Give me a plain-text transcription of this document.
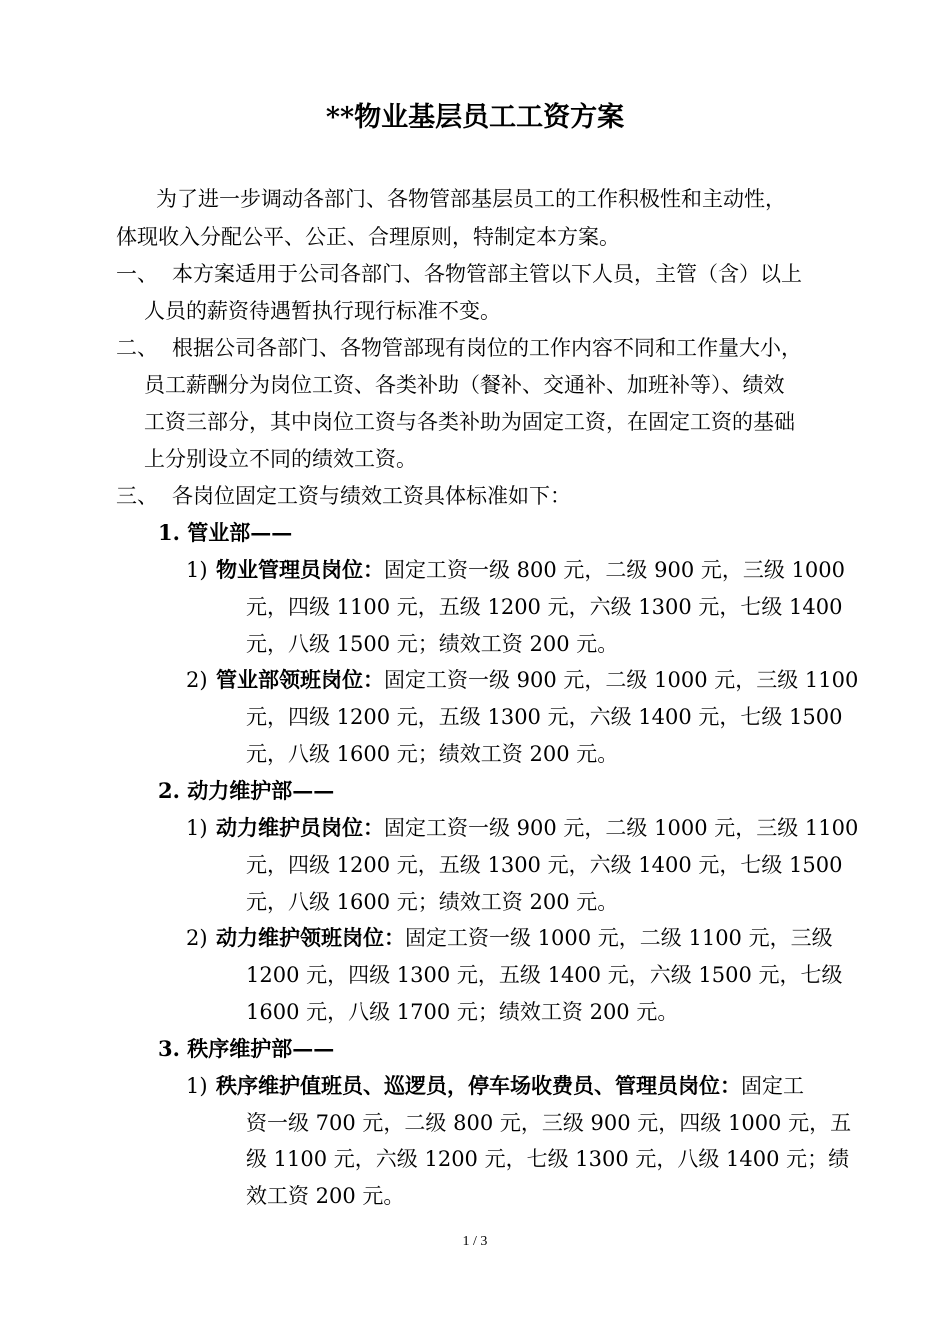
**物业基层员工工资方案
为了进一步调动各部门、各物管部基层员工的工作积极性和主动性，
体现收入分配公平、公正、合理原则，特制定本方案。
一、 本方案适用于公司各部门、各物管部主管以下人员，主管（含）以上
人员的薪资待遇暂执行现行标准不变。
二、 根据公司各部门、各物管部现有岗位的工作内容不同和工作量大小，
员工薪酬分为岗位工资、各类补助（餐补、交通补、加班补等）、绩效
工资三部分，其中岗位工资与各类补助为固定工资，在固定工资的基础
上分别设立不同的绩效工资。
三、 各岗位固定工资与绩效工资具体标准如下：
1. 管业部——
1) 物业管理员岗位：固定工资一级 800 元，二级 900 元，三级 1000
元，四级 1100 元，五级 1200 元，六级 1300 元，七级 1400
元，八级 1500 元；绩效工资 200 元。
2) 管业部领班岗位：固定工资一级 900 元，二级 1000 元，三级 1100
元，四级 1200 元，五级 1300 元，六级 1400 元，七级 1500
元，八级 1600 元；绩效工资 200 元。
2. 动力维护部——
1) 动力维护员岗位：固定工资一级 900 元，二级 1000 元，三级 1100
元，四级 1200 元，五级 1300 元，六级 1400 元，七级 1500
元，八级 1600 元；绩效工资 200 元。
2) 动力维护领班岗位：固定工资一级 1000 元，二级 1100 元，三级
1200 元，四级 1300 元，五级 1400 元，六级 1500 元，七级
1600 元，八级 1700 元；绩效工资 200 元。
3. 秩序维护部——
1) 秩序维护值班员、巡逻员，停车场收费员、管理员岗位：固定工
资一级 700 元，二级 800 元，三级 900 元，四级 1000 元，五
级 1100 元，六级 1200 元，七级 1300 元，八级 1400 元；绩
效工资 200 元。
1 / 3
